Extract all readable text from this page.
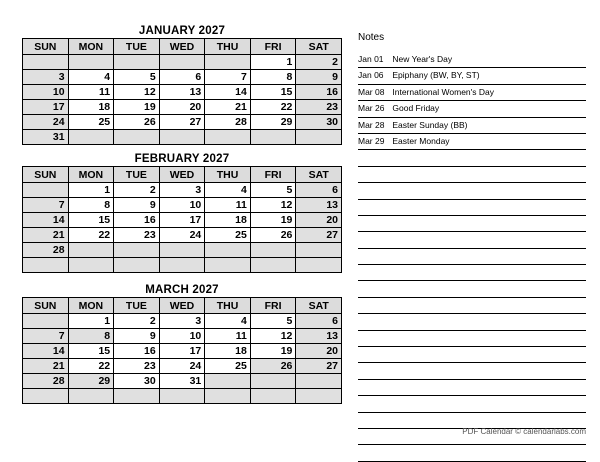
JANUARY 2027
SUN	MON	TUE	WED	THU	FRI	SAT
					1	2
3	4	5	6	7	8	9
10	11	12	13	14	15	16
17	18	19	20	21	22	23
24	25	26	27	28	29	30
31						
FEBRUARY 2027
SUN	MON	TUE	WED	THU	FRI	SAT
	1	2	3	4	5	6
7	8	9	10	11	12	13
14	15	16	17	18	19	20
21	22	23	24	25	26	27
28						

MARCH 2027
SUN	MON	TUE	WED	THU	FRI	SAT
	1	2	3	4	5	6
7	8	9	10	11	12	13
14	15	16	17	18	19	20
21	22	23	24	25	26	27
28	29	30	31			

Notes
Jan 01 New Year's Day
Jan 06 Epiphany (BW, BY, ST)
Mar 08 International Women's Day
Mar 26 Good Friday
Mar 28 Easter Sunday (BB)
Mar 29 Easter Monday
PDF Calendar © calendarlabs.com
